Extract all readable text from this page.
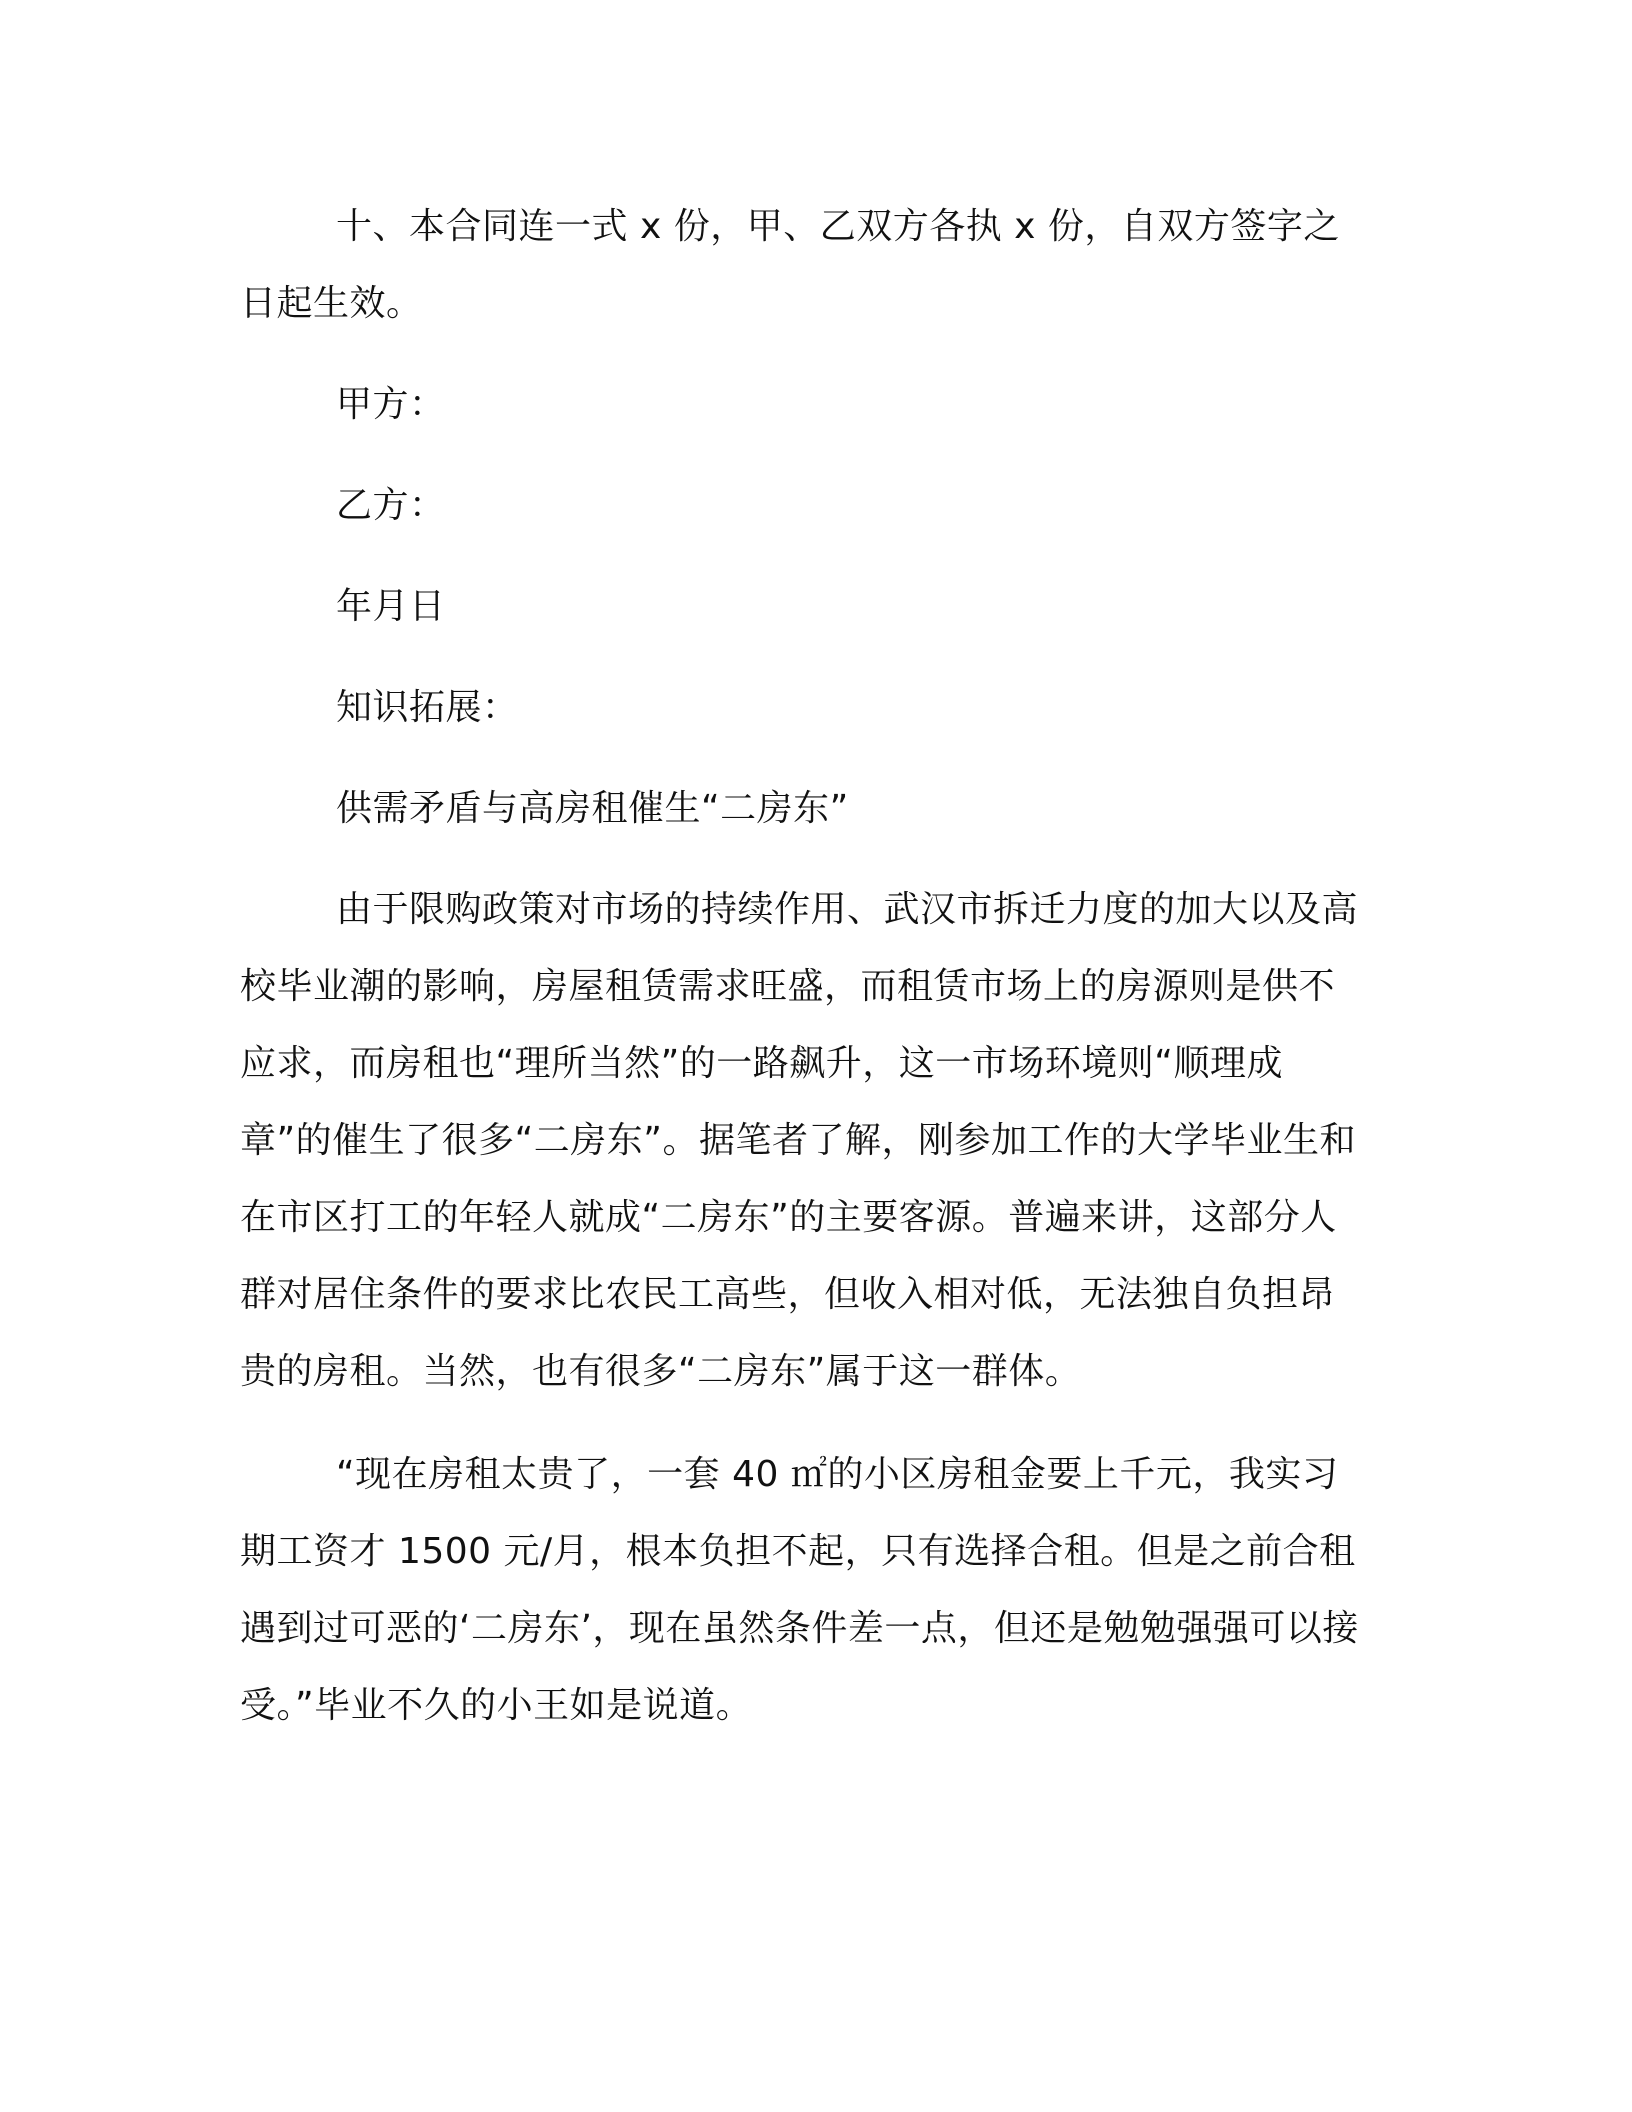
十、本合同连一式 x 份，甲、乙双方各执 x 份，自双方签字之日起生效。

甲方：

乙方：

年月日

知识拓展：

供需矛盾与高房租催生“二房东”

由于限购政策对市场的持续作用、武汉市拆迁力度的加大以及高校毕业潮的影响，房屋租赁需求旺盛，而租赁市场上的房源则是供不应求，而房租也“理所当然”的一路飙升，这一市场环境则“顺理成章”的催生了很多“二房东”。据笔者了解，刚参加工作的大学毕业生和在市区打工的年轻人就成“二房东”的主要客源。普遍来讲，这部分人群对居住条件的要求比农民工高些，但收入相对低，无法独自负担昂贵的房租。当然，也有很多“二房东”属于这一群体。

“现在房租太贵了，一套 40 ㎡的小区房租金要上千元，我实习期工资才 1500 元/月，根本负担不起，只有选择合租。但是之前合租遇到过可恶的‘二房东’，现在虽然条件差一点，但还是勉勉强强可以接受。”毕业不久的小王如是说道。
